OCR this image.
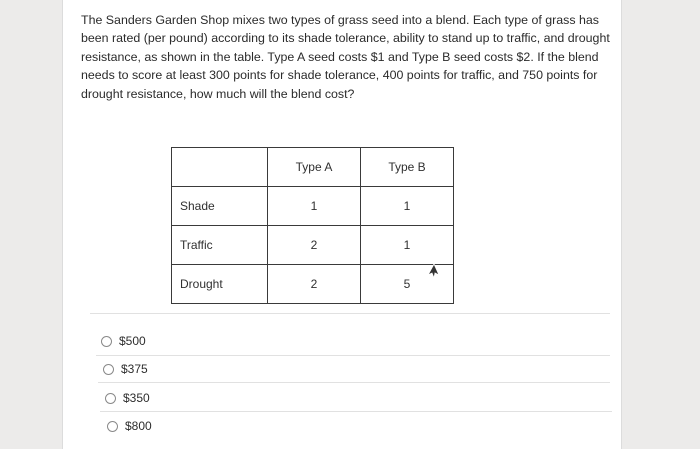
The Sanders Garden Shop mixes two types of grass seed into a blend. Each type of grass has been rated (per pound) according to its shade tolerance, ability to stand up to traffic, and drought resistance, as shown in the table. Type A seed costs $1 and Type B seed costs $2. If the blend needs to score at least 300 points for shade tolerance, 400 points for traffic, and 750 points for drought resistance, how much will the blend cost?
	Type A	Type B
Shade	1	1
Traffic	2	1
Drought	2	5
$500
$375
$350
$800
